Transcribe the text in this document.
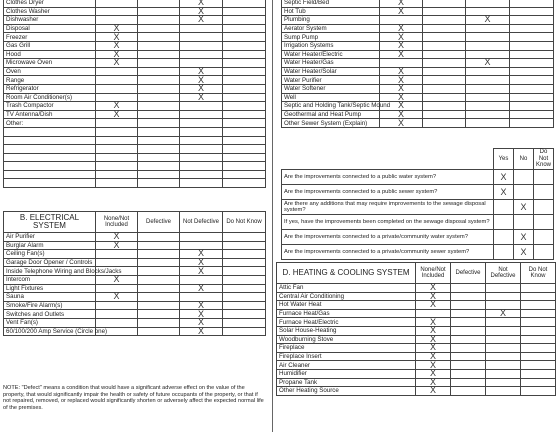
Clothes Dryer			X	
Clothes Washer			X	
Dishwasher			X	
Disposal	X			
Freezer	X			
Gas Grill	X			
Hood	X			
Microwave Oven	X			
Oven			X	
Range			X	
Refrigerator			X	
Room Air Conditioner(s)			X	
Trash Compactor	X			
TV Antenna/Dish	X			
Other:				

B. ELECTRICAL SYSTEM	None/Not Included	Defective	Not Defective	Do Not Know
Air Purifier	X			
Burglar Alarm	X			
Ceiling Fan(s)			X	
Garage Door Opener / Controls			X	
Inside Telephone Wiring and Blocks/Jacks			X	
Intercom	X			
Light Fixtures			X	
Sauna	X			
Smoke/Fire Alarm(s)			X	
Switches and Outlets			X	
Vent Fan(s)			X	
60/100/200 Amp Service (Circle one)			X	
NOTE: "Defect" means a condition that would have a significant adverse effect on the value of the property, that would significantly impair the health or safety of future occupants of the property, or that if not repaired, removed, or replaced would significantly shorten or adversely affect the expected normal life of the premises.
Septic Field/Bed	X			
Hot Tub	X			
Plumbing			X	
Aerator System	X			
Sump Pump	X			
Irrigation Systems	X			
Water Heater/Electric	X			
Water Heater/Gas			X	
Water Heater/Solar	X			
Water Purifier	X			
Water Softener	X			
Well	X			
Septic and Holding Tank/Septic Mound	X			
Geothermal and Heat Pump	X			
Other Sewer System (Explain)	X			
	Yes	No	Do Not Know
Are the improvements connected to a public water system?	X		
Are the improvements connected to a public sewer system?	X		
Are there any additions that may require improvements to the sewage disposal system?		X	
If yes, have the improvements been completed on the sewage disposal system?			
Are the improvements connected to a private/community water system?		X	
Are the improvements connected to a private/community sewer system?		X	
D. HEATING & COOLING SYSTEM	None/Not Included	Defective	Not Defective	Do Not Know
Attic Fan	X			
Central Air Conditioning	X			
Hot Water Heat	X			
Furnace Heat/Gas			X	
Furnace Heat/Electric	X			
Solar House-Heating	X			
Woodburning Stove	X			
Fireplace	X			
Fireplace Insert	X			
Air Cleaner	X			
Humidifier	X			
Propane Tank	X			
Other Heating Source	X			
